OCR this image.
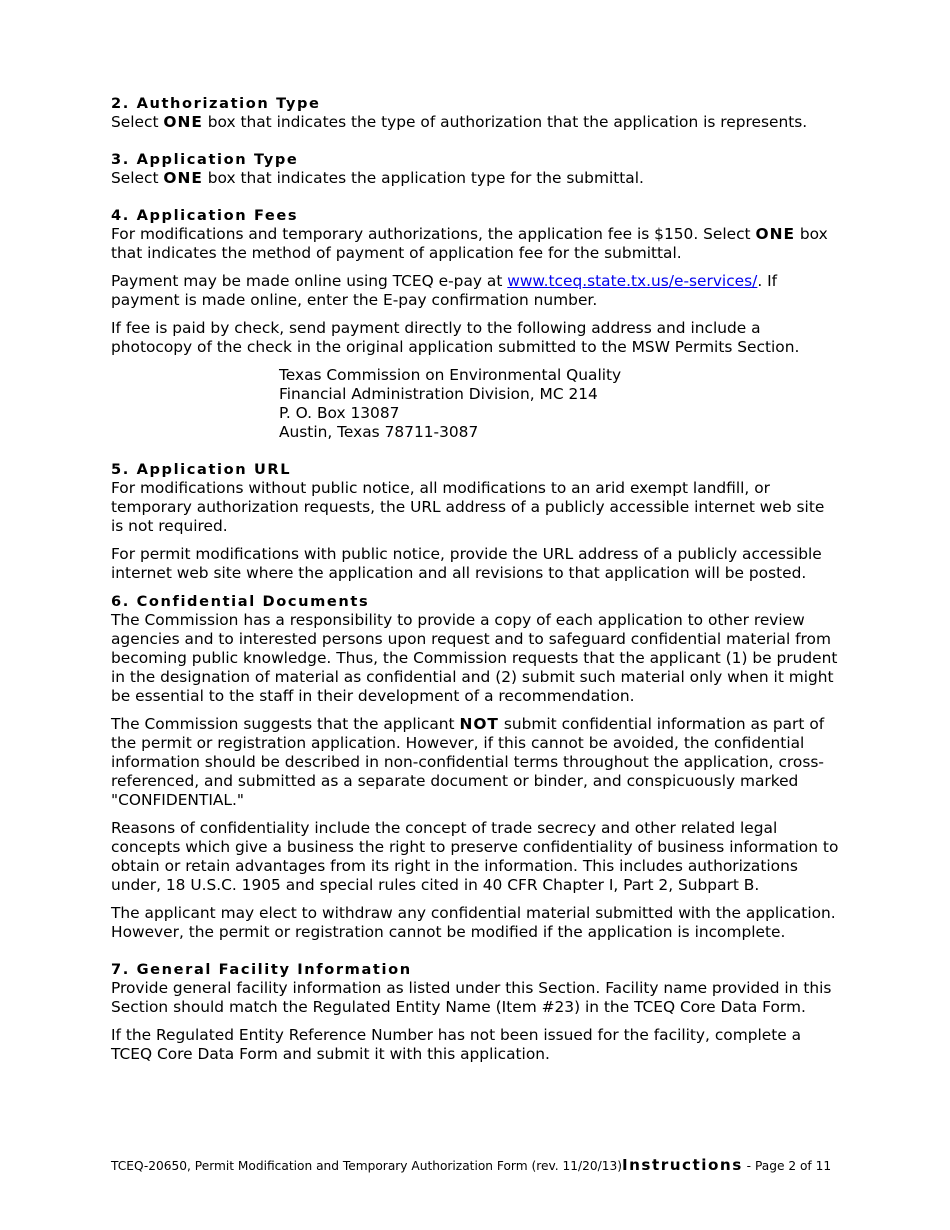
2. Authorization Type

Select ONE box that indicates the type of authorization that the application is represents.

3. Application Type

Select ONE box that indicates the application type for the submittal.

4. Application Fees

For modifications and temporary authorizations, the application fee is $150. Select ONE box that indicates the method of payment of application fee for the submittal.

Payment may be made online using TCEQ e-pay at www.tceq.state.tx.us/e-services/. If payment is made online, enter the E-pay confirmation number.

If fee is paid by check, send payment directly to the following address and include a photocopy of the check in the original application submitted to the MSW Permits Section.

Texas Commission on Environmental Quality
Financial Administration Division, MC 214
P. O. Box 13087
Austin, Texas 78711-3087
5. Application URL

For modifications without public notice, all modifications to an arid exempt landfill, or temporary authorization requests, the URL address of a publicly accessible internet web site is not required.

For permit modifications with public notice, provide the URL address of a publicly accessible internet web site where the application and all revisions to that application will be posted.

6. Confidential Documents

The Commission has a responsibility to provide a copy of each application to other review agencies and to interested persons upon request and to safeguard confidential material from becoming public knowledge. Thus, the Commission requests that the applicant (1) be prudent in the designation of material as confidential and (2) submit such material only when it might be essential to the staff in their development of a recommendation.

The Commission suggests that the applicant NOT submit confidential information as part of the permit or registration application. However, if this cannot be avoided, the confidential information should be described in non-confidential terms throughout the application, cross-referenced, and submitted as a separate document or binder, and conspicuously marked "CONFIDENTIAL."

Reasons of confidentiality include the concept of trade secrecy and other related legal concepts which give a business the right to preserve confidentiality of business information to obtain or retain advantages from its right in the information. This includes authorizations under, 18 U.S.C. 1905 and special rules cited in 40 CFR Chapter I, Part 2, Subpart B.

The applicant may elect to withdraw any confidential material submitted with the application. However, the permit or registration cannot be modified if the application is incomplete.

7. General Facility Information

Provide general facility information as listed under this Section. Facility name provided in this Section should match the Regulated Entity Name (Item #23) in the TCEQ Core Data Form.

If the Regulated Entity Reference Number has not been issued for the facility, complete a TCEQ Core Data Form and submit it with this application.

TCEQ-20650, Permit Modification and Temporary Authorization Form (rev. 11/20/13)Instructions - Page 2 of 11
